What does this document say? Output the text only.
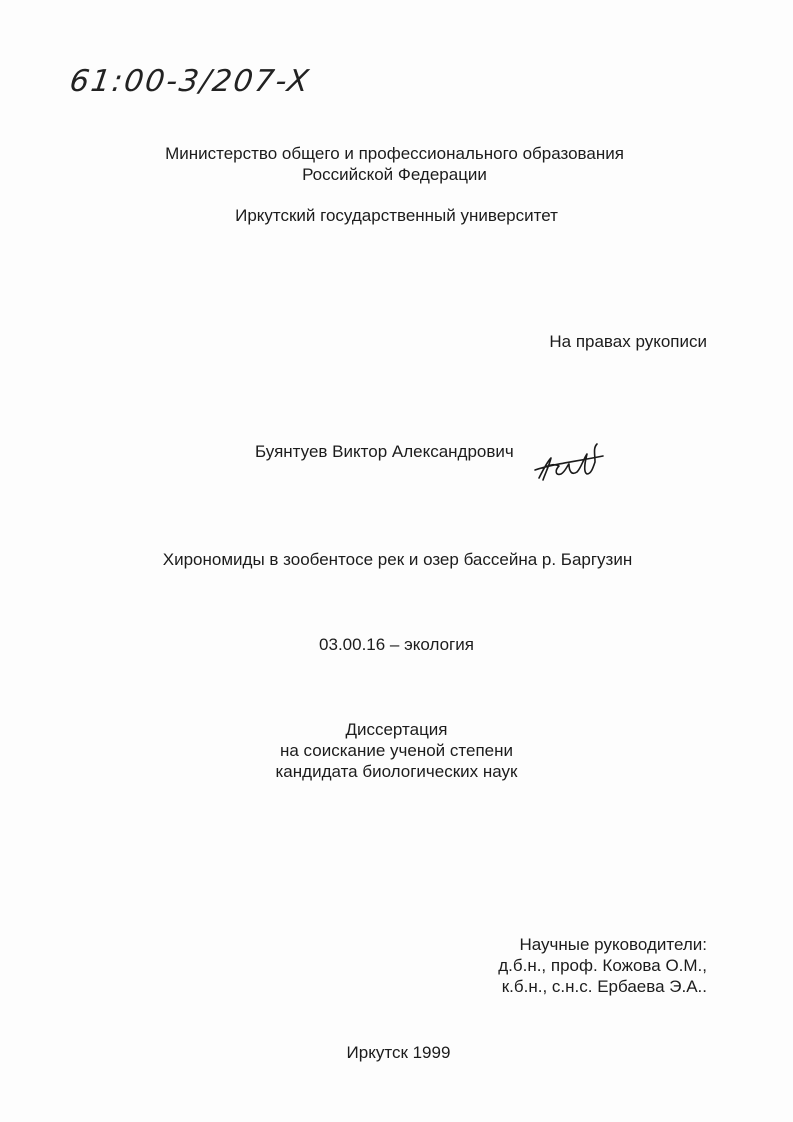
61:00-3/207-X
Министерство общего и профессионального образования
Российской Федерации
Иркутский государственный университет
На правах рукописи
Буянтуев Виктор Александрович
Хирономиды в зообентосе рек и озер бассейна р. Баргузин
03.00.16 – экология
Диссертация
на соискание ученой степени
кандидата биологических наук
Научные руководители:
д.б.н., проф. Кожова О.М.,
к.б.н., с.н.с. Ербаева Э.А..
Иркутск 1999
